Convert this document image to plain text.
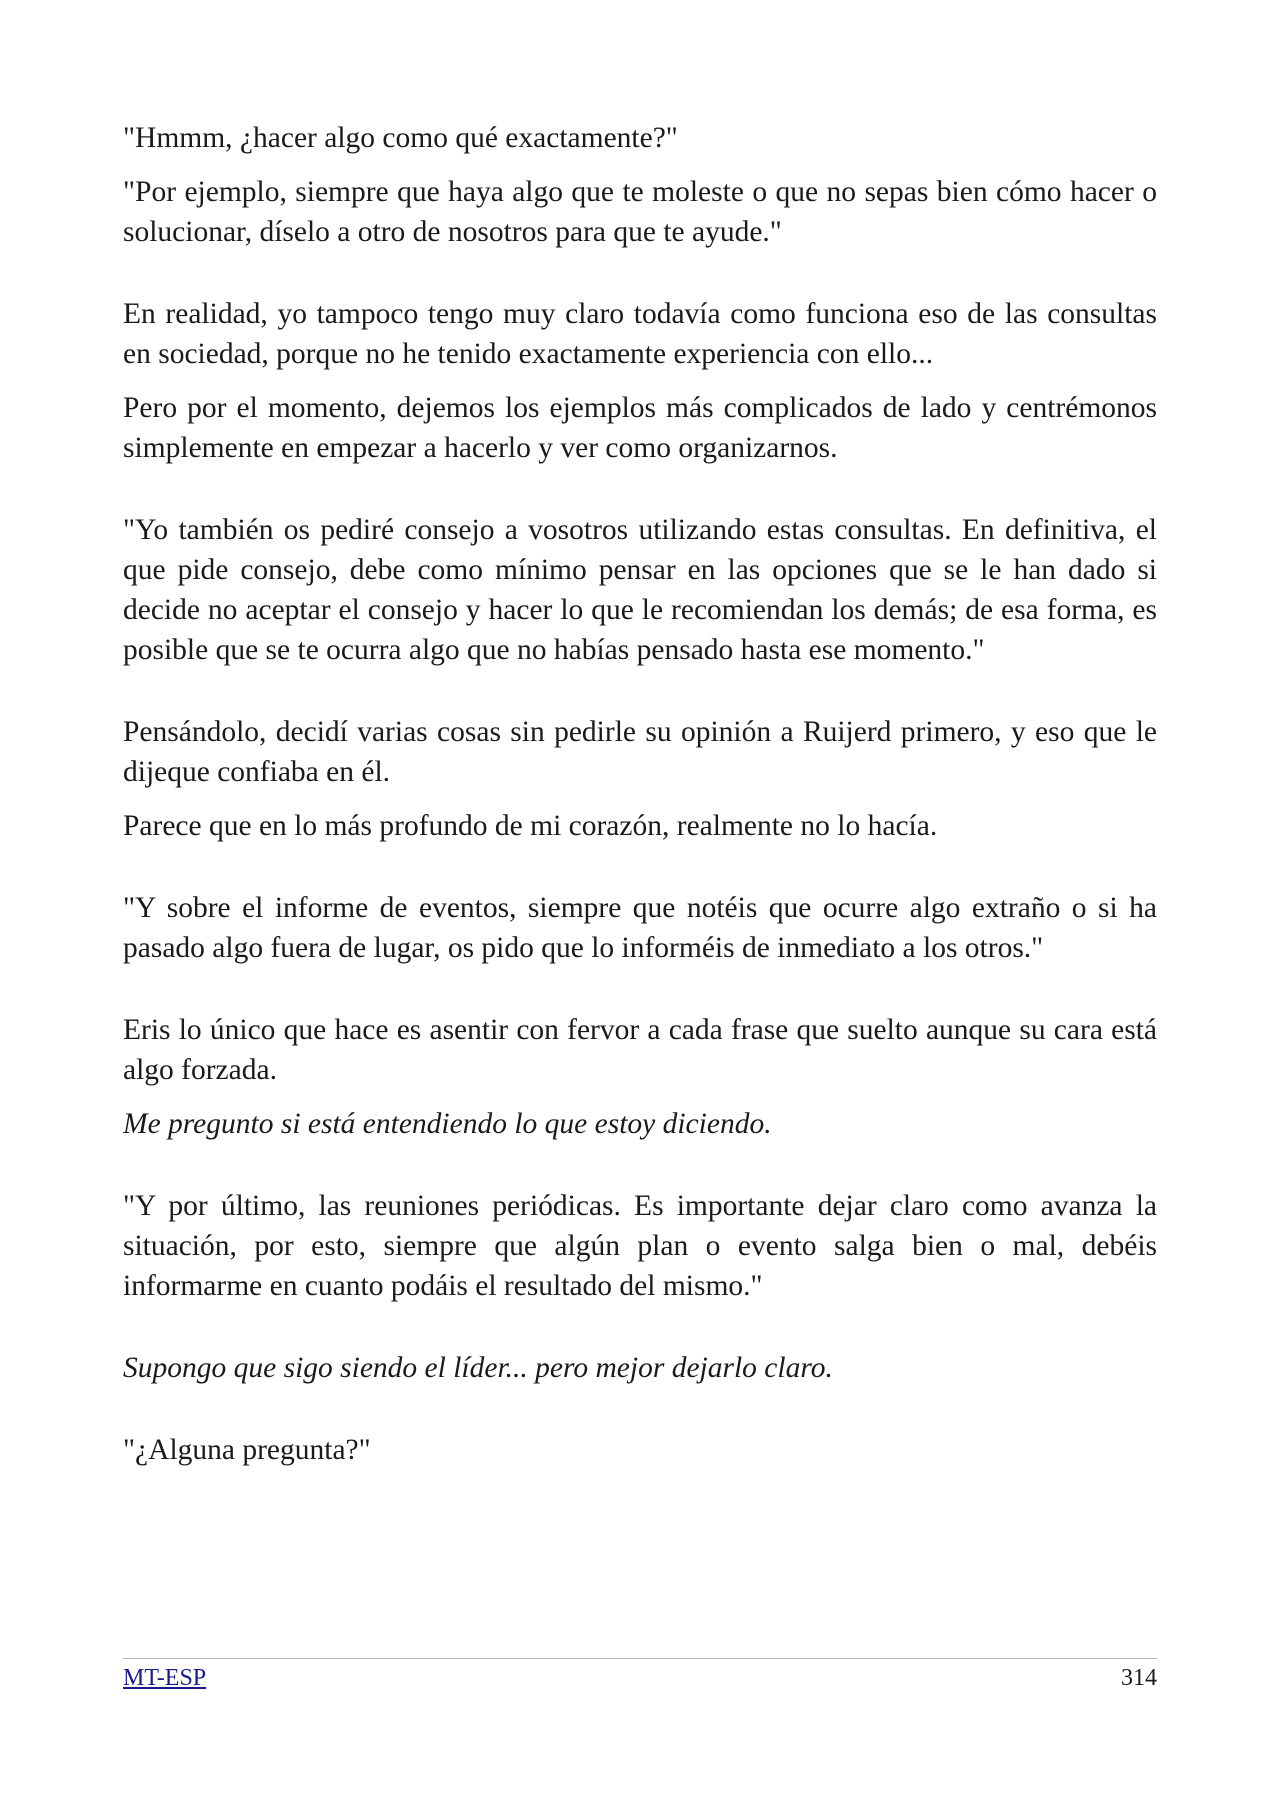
"Hmmm, ¿hacer algo como qué exactamente?"

"Por ejemplo, siempre que haya algo que te moleste o que no sepas bien cómo hacer o solucionar, díselo a otro de nosotros para que te ayude."

En realidad, yo tampoco tengo muy claro todavía como funciona eso de las consultas en sociedad, porque no he tenido exactamente experiencia con ello...

Pero por el momento, dejemos los ejemplos más complicados de lado y centrémonos simplemente en empezar a hacerlo y ver como organizarnos.

"Yo también os pediré consejo a vosotros utilizando estas consultas. En definitiva, el que pide consejo, debe como mínimo pensar en las opciones que se le han dado si decide no aceptar el consejo y hacer lo que le recomiendan los demás; de esa forma, es posible que se te ocurra algo que no habías pensado hasta ese momento."

Pensándolo, decidí varias cosas sin pedirle su opinión a Ruijerd primero, y eso que le dijeque confiaba en él.

Parece que en lo más profundo de mi corazón, realmente no lo hacía.

"Y sobre el informe de eventos, siempre que notéis que ocurre algo extraño o si ha pasado algo fuera de lugar, os pido que lo informéis de inmediato a los otros."

Eris lo único que hace es asentir con fervor a cada frase que suelto aunque su cara está algo forzada.

Me pregunto si está entendiendo lo que estoy diciendo.

"Y por último, las reuniones periódicas. Es importante dejar claro como avanza la situación, por esto, siempre que algún plan o evento salga bien o mal, debéis informarme en cuanto podáis el resultado del mismo."

Supongo que sigo siendo el líder... pero mejor dejarlo claro.

"¿Alguna pregunta?"

MT-ESP	314
